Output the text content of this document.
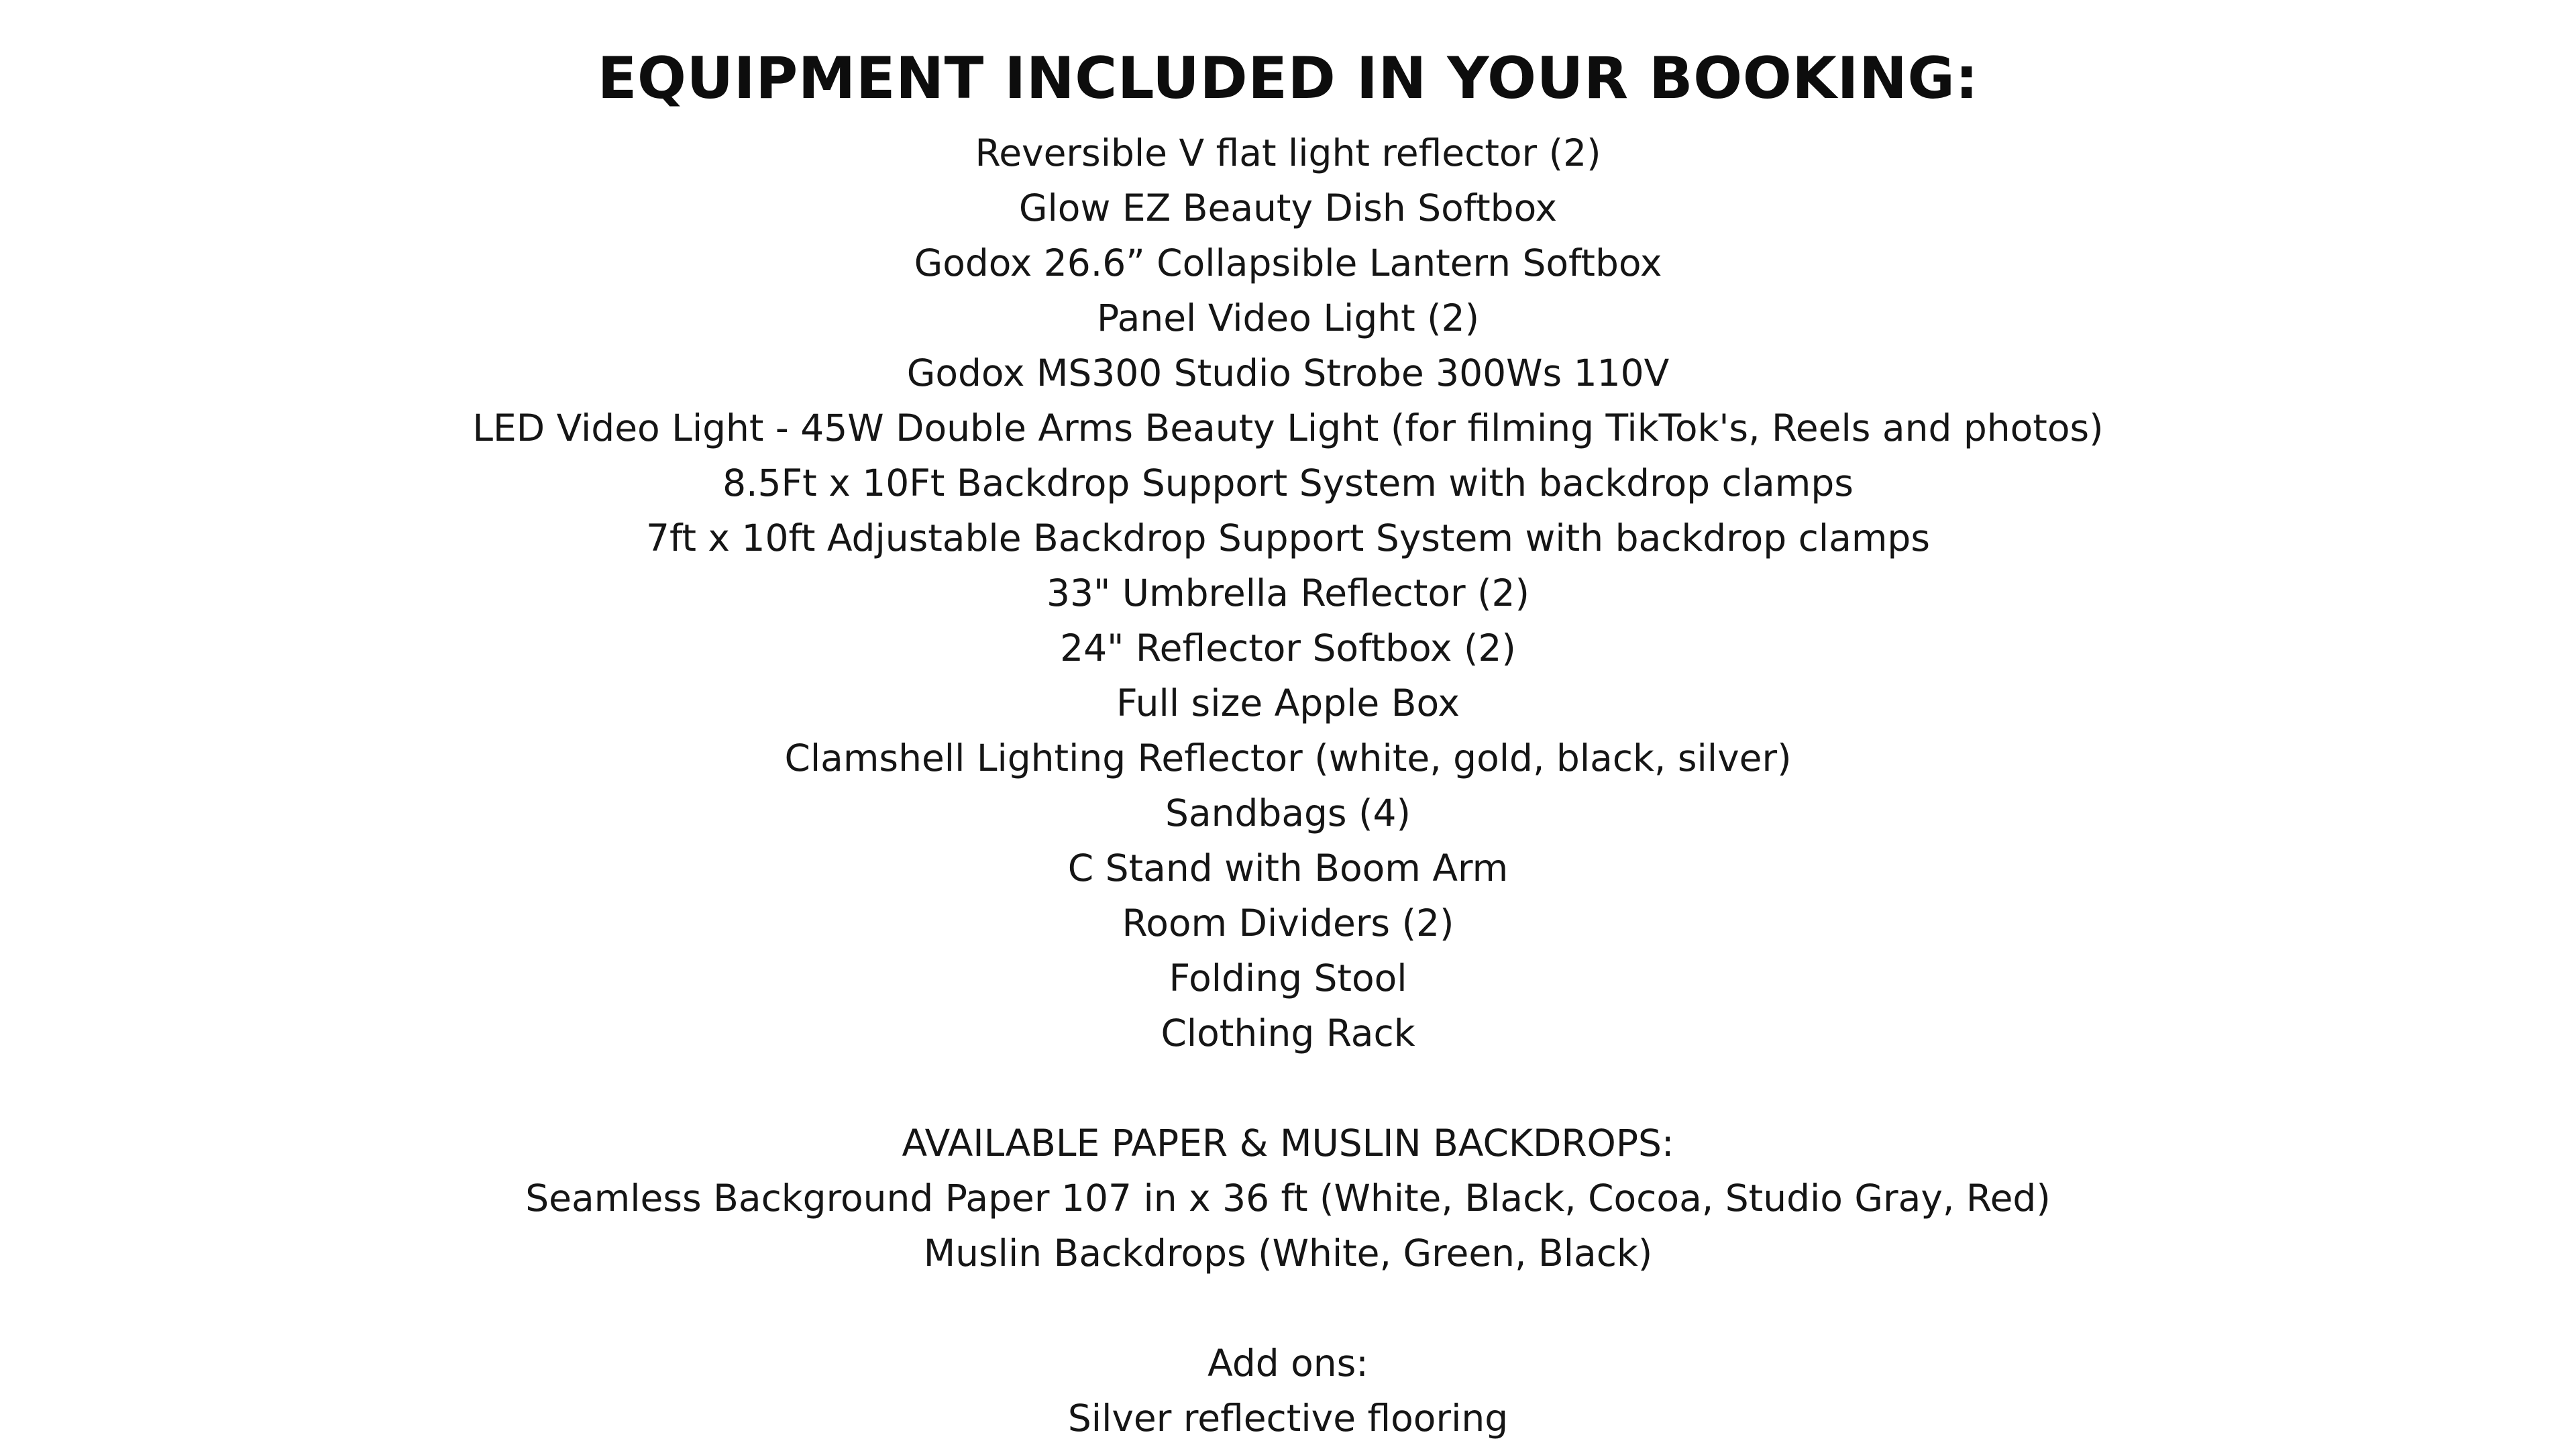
EQUIPMENT INCLUDED IN YOUR BOOKING:
Reversible V flat light reflector (2)
Glow EZ Beauty Dish Softbox
Godox 26.6” Collapsible Lantern Softbox
Panel Video Light (2)
Godox MS300 Studio Strobe 300Ws 110V
LED Video Light - 45W Double Arms Beauty Light (for filming TikTok's, Reels and photos)
8.5Ft x 10Ft Backdrop Support System with backdrop clamps
7ft x 10ft Adjustable Backdrop Support System with backdrop clamps
33" Umbrella Reflector (2)
24" Reflector Softbox (2)
Full size Apple Box
Clamshell Lighting Reflector (white, gold, black, silver)
Sandbags (4)
C Stand with Boom Arm
Room Dividers (2)
Folding Stool
Clothing Rack
AVAILABLE PAPER & MUSLIN BACKDROPS:
Seamless Background Paper 107 in x 36 ft (White, Black, Cocoa, Studio Gray, Red)
Muslin Backdrops (White, Green, Black)
Add ons:
Silver reflective flooring
